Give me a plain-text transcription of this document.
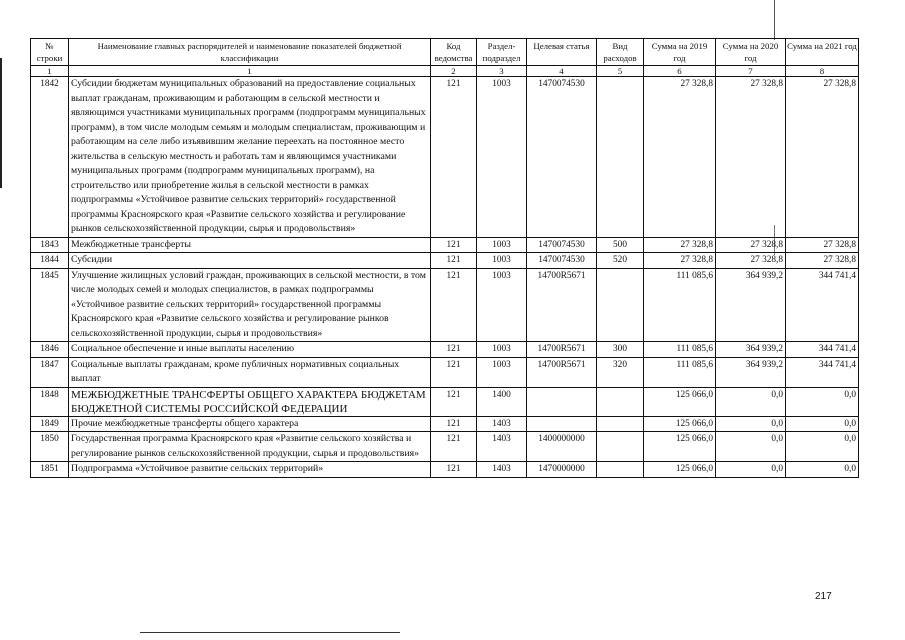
№ строки	Наименование главных распорядителей и наименование показателей бюджетной классификации	Код ведомства	Раздел-подраздел	Целевая статья	Вид расходов	Сумма на 2019 год	Сумма на 2020 год	Сумма на 2021 год
1	1	2	3	4	5	6	7	8
1842	Субсидии бюджетам муниципальных образований на предоставление социальных выплат гражданам, проживающим и работающим в сельской местности и являющимся участниками муниципальных программ (подпрограмм муниципальных программ), в том числе молодым семьям и молодым специалистам, проживающим и работающим на селе либо изъявившим желание переехать на постоянное место жительства в сельскую местность и работать там и являющимся участниками муниципальных программ (подпрограмм муниципальных программ), на строительство или приобретение жилья в сельской местности в рамках подпрограммы «Устойчивое развитие сельских территорий» государственной программы Красноярского края «Развитие сельского хозяйства и регулирование рынков сельскохозяйственной продукции, сырья и продовольствия»	121	1003	1470074530		27 328,8	27 328,8	27 328,8
1843	Межбюджетные трансферты	121	1003	1470074530	500	27 328,8	27 328,8	27 328,8
1844	Субсидии	121	1003	1470074530	520	27 328,8	27 328,8	27 328,8
1845	Улучшение жилищных условий граждан, проживающих в сельской местности, в том числе молодых семей и молодых специалистов, в рамках подпрограммы «Устойчивое развитие сельских территорий» государственной программы Красноярского края «Развитие сельского хозяйства и регулирование рынков сельскохозяйственной продукции, сырья и продовольствия»	121	1003	14700R5671		111 085,6	364 939,2	344 741,4
1846	Социальное обеспечение и иные выплаты населению	121	1003	14700R5671	300	111 085,6	364 939,2	344 741,4
1847	Социальные выплаты гражданам, кроме публичных нормативных социальных выплат	121	1003	14700R5671	320	111 085,6	364 939,2	344 741,4
1848	МЕЖБЮДЖЕТНЫЕ ТРАНСФЕРТЫ ОБЩЕГО ХАРАКТЕРА БЮДЖЕТАМ БЮДЖЕТНОЙ СИСТЕМЫ РОССИЙСКОЙ ФЕДЕРАЦИИ	121	1400			125 066,0	0,0	0,0
1849	Прочие межбюджетные трансферты общего характера	121	1403			125 066,0	0,0	0,0
1850	Государственная программа Красноярского края «Развитие сельского хозяйства и регулирование рынков сельскохозяйственной продукции, сырья и продовольствия»	121	1403	1400000000		125 066,0	0,0	0,0
1851	Подпрограмма «Устойчивое развитие сельских территорий»	121	1403	1470000000		125 066,0	0,0	0,0
217
